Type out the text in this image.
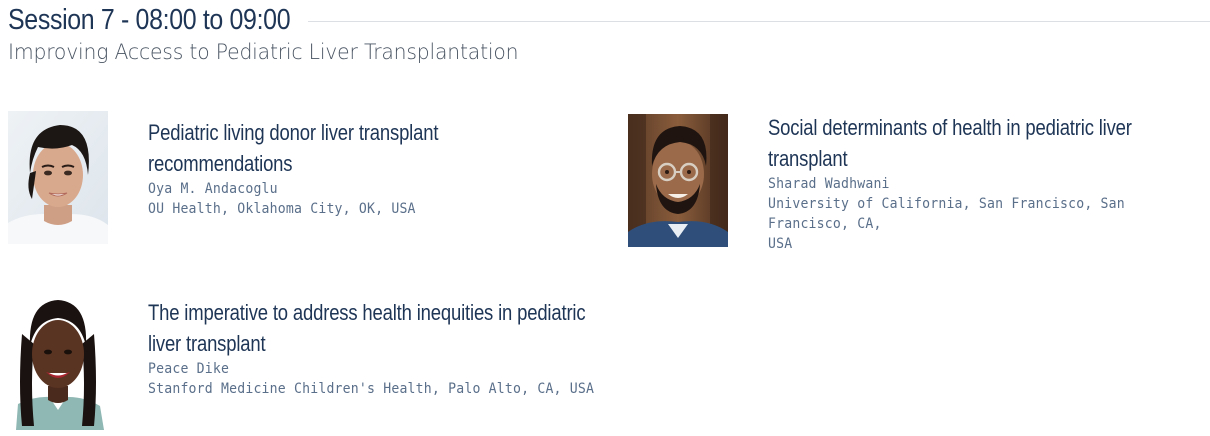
Session 7 - 08:00 to 09:00
Improving Access to Pediatric Liver Transplantation
Pediatric living donor liver transplant
recommendations
Oya M. Andacoglu
OU Health, Oklahoma City, OK, USA
Social determinants of health in pediatric liver
transplant
Sharad Wadhwani
University of California, San Francisco, San Francisco, CA,
USA
The imperative to address health inequities in pediatric
liver transplant
Peace Dike
Stanford Medicine Children's Health, Palo Alto, CA, USA
